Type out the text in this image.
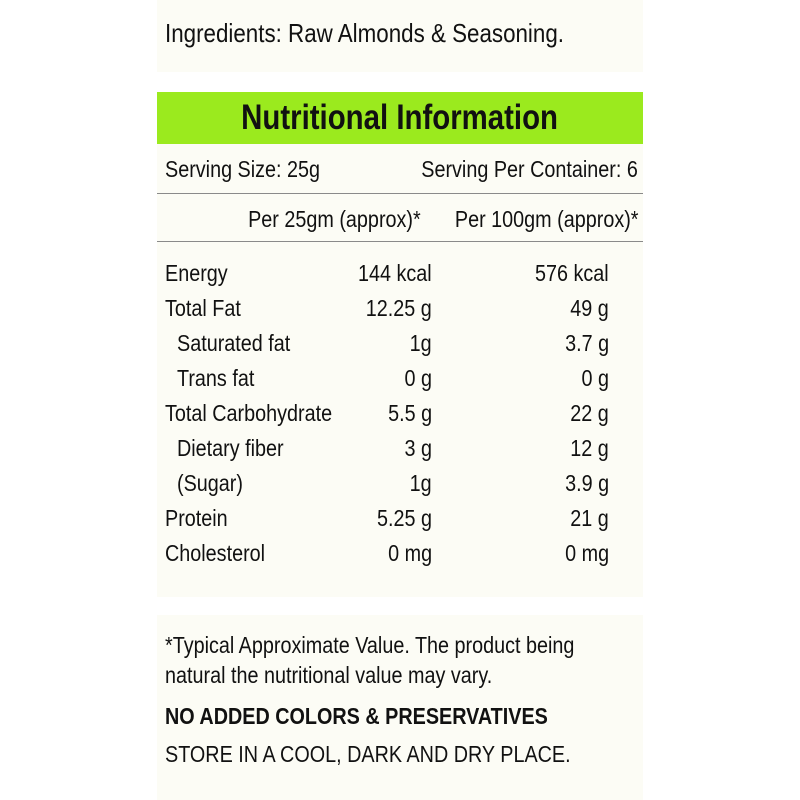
Ingredients: Raw Almonds & Seasoning.
Nutritional Information
Serving Size: 25g	Serving Per Container: 6
Per 25gm (approx)*	Per 100gm (approx)*
Energy	144 kcal	576 kcal
Total Fat	12.25 g	49 g
Saturated fat	1g	3.7 g
Trans fat	0 g	0 g
Total Carbohydrate	5.5 g	22 g
Dietary fiber	3 g	12 g
(Sugar)	1g	3.9 g
Protein	5.25 g	21 g
Cholesterol	0 mg	0 mg
*Typical Approximate Value. The product being
natural the nutritional value may vary.
NO ADDED COLORS & PRESERVATIVES
STORE IN A COOL, DARK AND DRY PLACE.
